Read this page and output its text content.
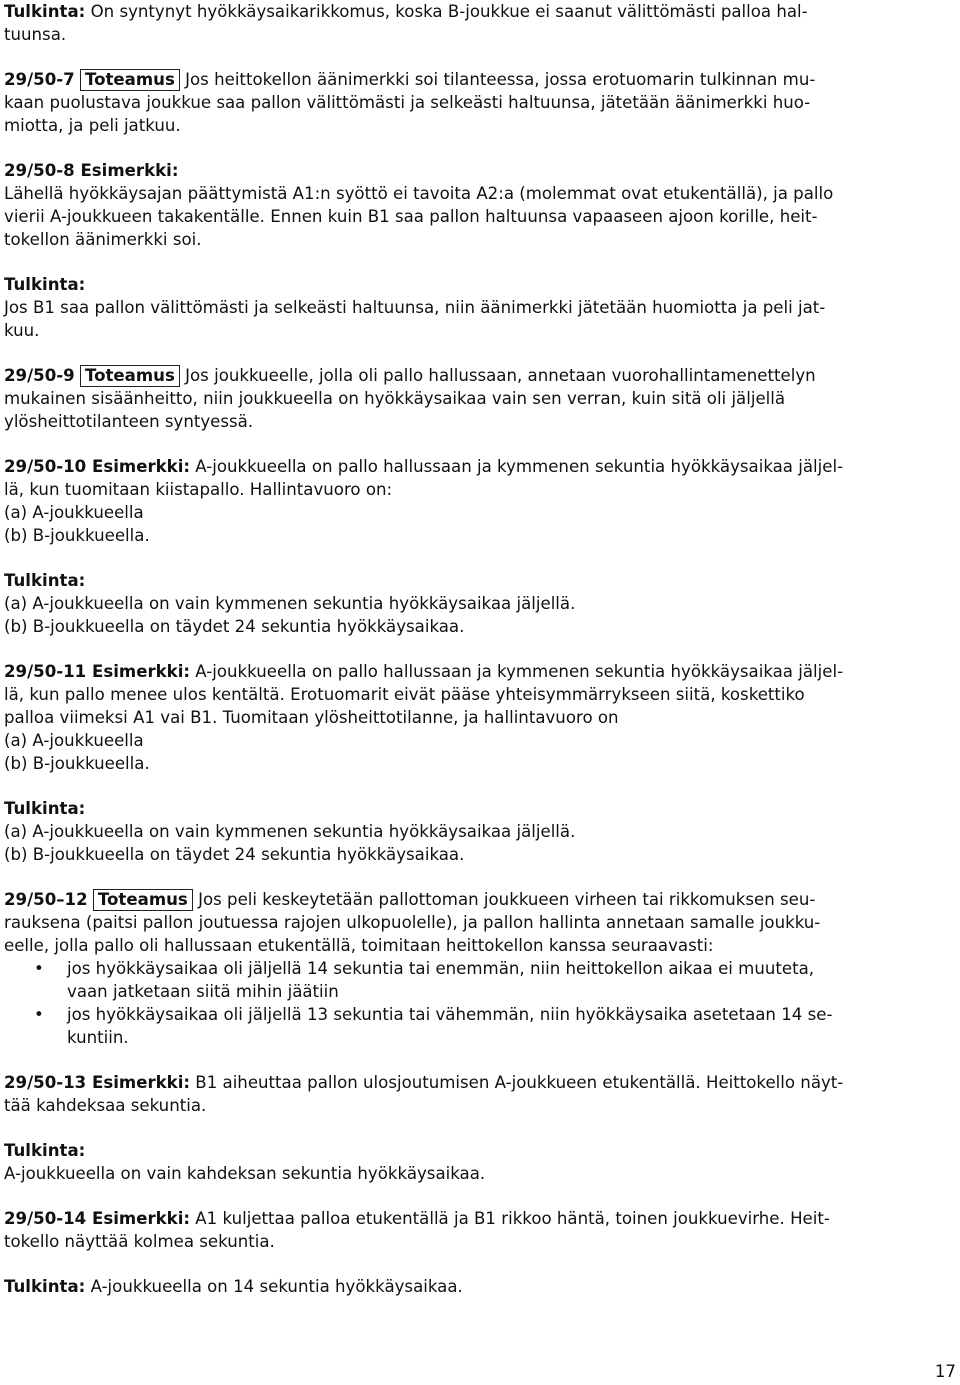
Tulkinta: On syntynyt hyökkäysaikarikkomus, koska B-joukkue ei saanut välittömästi palloa hal-
tuunsa.
29/50-7 Toteamus Jos heittokellon äänimerkki soi tilanteessa, jossa erotuomarin tulkinnan mu-
kaan puolustava joukkue saa pallon välittömästi ja selkeästi haltuunsa, jätetään äänimerkki huo-
miotta, ja peli jatkuu.
29/50-8 Esimerkki:
Lähellä hyökkäysajan päättymistä A1:n syöttö ei tavoita A2:a (molemmat ovat etukentällä), ja pallo
vierii A-joukkueen takakentälle. Ennen kuin B1 saa pallon haltuunsa vapaaseen ajoon korille, heit-
tokellon äänimerkki soi.
Tulkinta:
Jos B1 saa pallon välittömästi ja selkeästi haltuunsa, niin äänimerkki jätetään huomiotta ja peli jat-
kuu.
29/50-9 Toteamus Jos joukkueelle, jolla oli pallo hallussaan, annetaan vuorohallintamenettelyn
mukainen sisäänheitto, niin joukkueella on hyökkäysaikaa vain sen verran, kuin sitä oli jäljellä
ylösheittotilanteen syntyessä.
29/50-10 Esimerkki: A-joukkueella on pallo hallussaan ja kymmenen sekuntia hyökkäysaikaa jäljel-
lä, kun tuomitaan kiistapallo. Hallintavuoro on:
(a) A-joukkueella
(b) B-joukkueella.
Tulkinta:
(a) A-joukkueella on vain kymmenen sekuntia hyökkäysaikaa jäljellä.
(b) B-joukkueella on täydet 24 sekuntia hyökkäysaikaa.
29/50-11 Esimerkki: A-joukkueella on pallo hallussaan ja kymmenen sekuntia hyökkäysaikaa jäljel-
lä, kun pallo menee ulos kentältä. Erotuomarit eivät pääse yhteisymmärrykseen siitä, koskettiko
palloa viimeksi A1 vai B1. Tuomitaan ylösheittotilanne, ja hallintavuoro on
(a) A-joukkueella
(b) B-joukkueella.
Tulkinta:
(a) A-joukkueella on vain kymmenen sekuntia hyökkäysaikaa jäljellä.
(b) B-joukkueella on täydet 24 sekuntia hyökkäysaikaa.
29/50–12 Toteamus Jos peli keskeytetään pallottoman joukkueen virheen tai rikkomuksen seu-
rauksena (paitsi pallon joutuessa rajojen ulkopuolelle), ja pallon hallinta annetaan samalle joukku-
eelle, jolla pallo oli hallussaan etukentällä, toimitaan heittokellon kanssa seuraavasti:
• jos hyökkäysaikaa oli jäljellä 14 sekuntia tai enemmän, niin heittokellon aikaa ei muuteta,
vaan jatketaan siitä mihin jäätiin
• jos hyökkäysaikaa oli jäljellä 13 sekuntia tai vähemmän, niin hyökkäysaika asetetaan 14 se-
kuntiin.
29/50-13 Esimerkki: B1 aiheuttaa pallon ulosjoutumisen A-joukkueen etukentällä. Heittokello näyt-
tää kahdeksaa sekuntia.
Tulkinta:
A-joukkueella on vain kahdeksan sekuntia hyökkäysaikaa.
29/50-14 Esimerkki: A1 kuljettaa palloa etukentällä ja B1 rikkoo häntä, toinen joukkuevirhe. Heit-
tokello näyttää kolmea sekuntia.
Tulkinta: A-joukkueella on 14 sekuntia hyökkäysaikaa.
17
